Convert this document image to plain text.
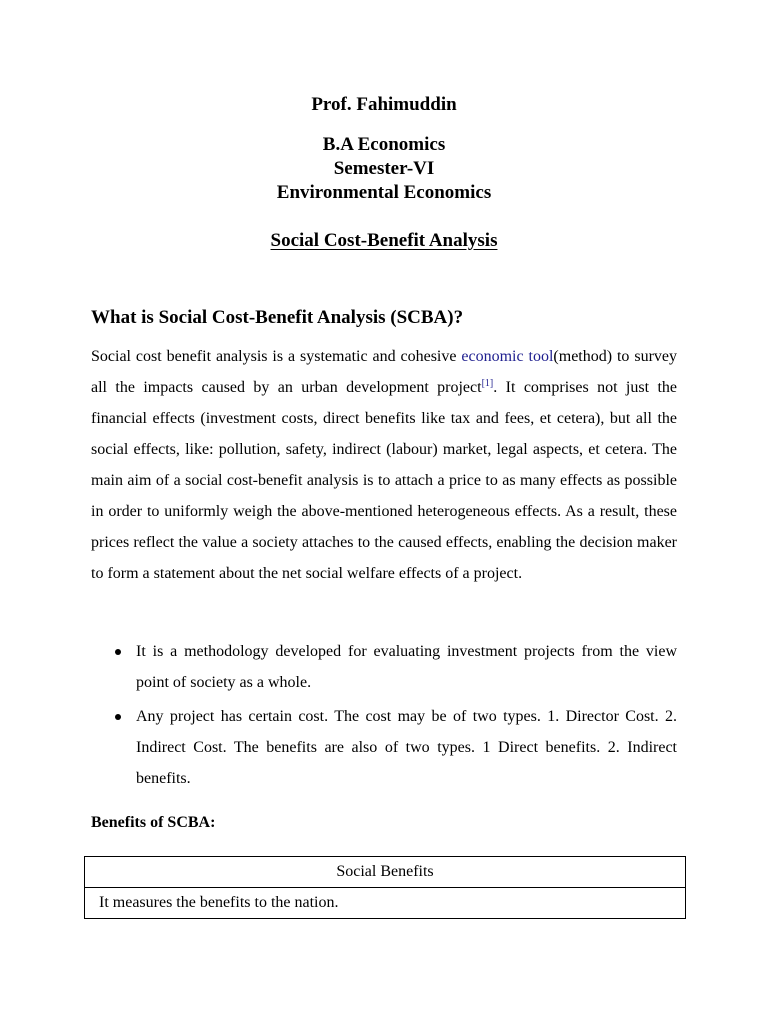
Prof. Fahimuddin
B.A Economics
Semester-VI
Environmental Economics
Social Cost-Benefit Analysis
What is Social Cost-Benefit Analysis (SCBA)?
Social cost benefit analysis is a systematic and cohesive economic tool(method) to survey all the impacts caused by an urban development project[1]. It comprises not just the financial effects (investment costs, direct benefits like tax and fees, et cetera), but all the social effects, like: pollution, safety, indirect (labour) market, legal aspects, et cetera. The main aim of a social cost-benefit analysis is to attach a price to as many effects as possible in order to uniformly weigh the above-mentioned heterogeneous effects. As a result, these prices reflect the value a society attaches to the caused effects, enabling the decision maker to form a statement about the net social welfare effects of a project.
It is a methodology developed for evaluating investment projects from the view point of society as a whole.
Any project has certain cost. The cost may be of two types. 1. Director Cost. 2. Indirect Cost. The benefits are also of two types. 1 Direct benefits. 2. Indirect benefits.
Benefits of SCBA:
Social Benefits
It measures the benefits to the nation.
